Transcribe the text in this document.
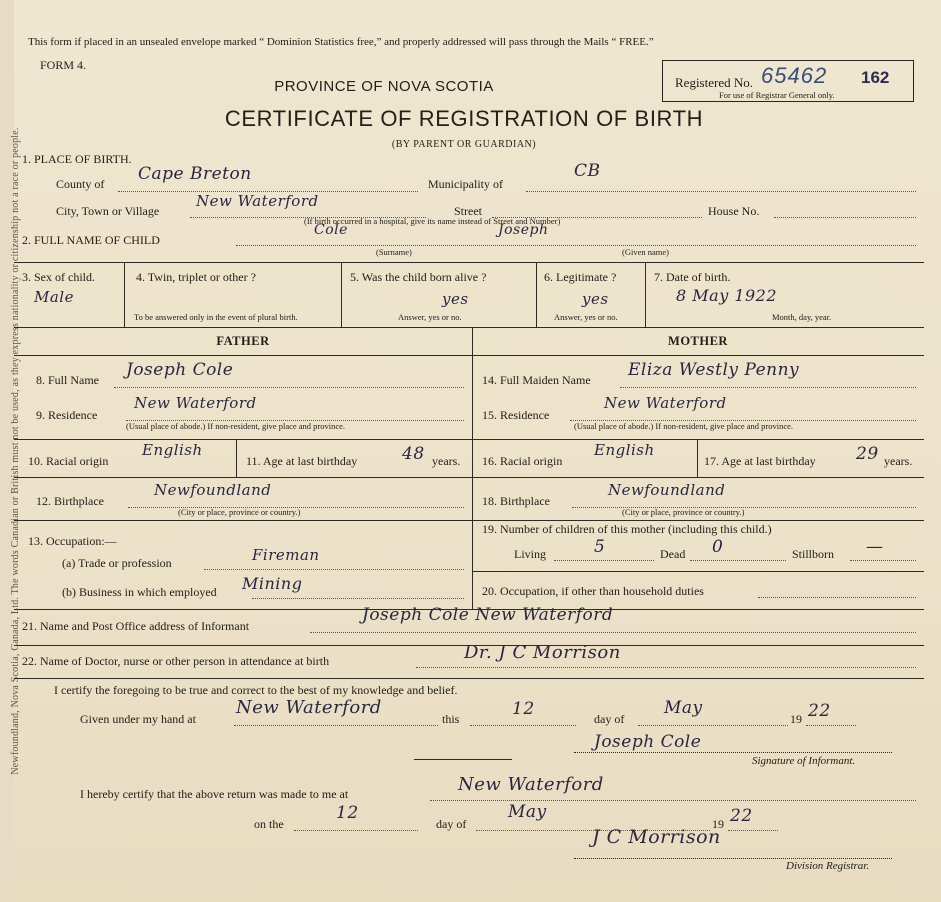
Newfoundland, Nova Scotia, Canada, Ltd. The words Canadian or British must not be used, as they express nationality or citizenship not a race or people.
This form if placed in an unsealed envelope marked “ Dominion Statistics free,” and properly addressed will pass through the Mails “ FREE.”
FORM 4.
PROVINCE OF NOVA SCOTIA
CERTIFICATE OF REGISTRATION OF BIRTH
(BY PARENT OR GUARDIAN)
Registered No. 65462 162
For use of Registrar General only.
1. PLACE OF BIRTH.
County of Cape Breton	Municipality of
CB
City, Town or Village
New Waterford
Street	House No.
(If birth occurred in a hospital, give its name instead of Street and Number)
2. FULL NAME OF CHILD
Cole	Joseph
(Surname)	(Given name)
3. Sex of child.
Male
4. Twin, triplet or other ?
To be answered only in the event of plural birth.
5. Was the child born alive ?
yes
Answer, yes or no.
6. Legitimate ?
yes
Answer, yes or no.
7. Date of birth.
8 May 1922
Month, day, year.
FATHER	MOTHER
8. Full Name Joseph Cole
9. Residence
New Waterford
(Usual place of abode.) If non-resident, give place and province.
10. Racial origin
English
11. Age at last birthday	48 years.
12. Birthplace
Newfoundland
(City or place, province or country.)
13. Occupation:—
(a) Trade or profession	Fireman
(b) Business in which employed Mining
14. Full Maiden Name Eliza Westly Penny
15. Residence
New Waterford
(Usual place of abode.) If non-resident, give place and province.
16. Racial origin
English
17. Age at last birthday 29 years.
18. Birthplace
Newfoundland
(City or place, province or country.)
19. Number of children of this mother (including this child.)
Living	5	Dead 0	Stillborn —
20. Occupation, if other than household duties
21. Name and Post Office address of Informant
Joseph Cole New Waterford
22. Name of Doctor, nurse or other person in attendance at birth	Dr. J C Morrison
I certify the foregoing to be true and correct to the best of my knowledge and belief.
Given under my hand at
New Waterford
this	12	day of
May
19 22
Joseph Cole
Signature of Informant.
I hereby certify that the above return was made to me at	New Waterford
on the
12
day of
May
19 22
J C Morrison
Division Registrar.
